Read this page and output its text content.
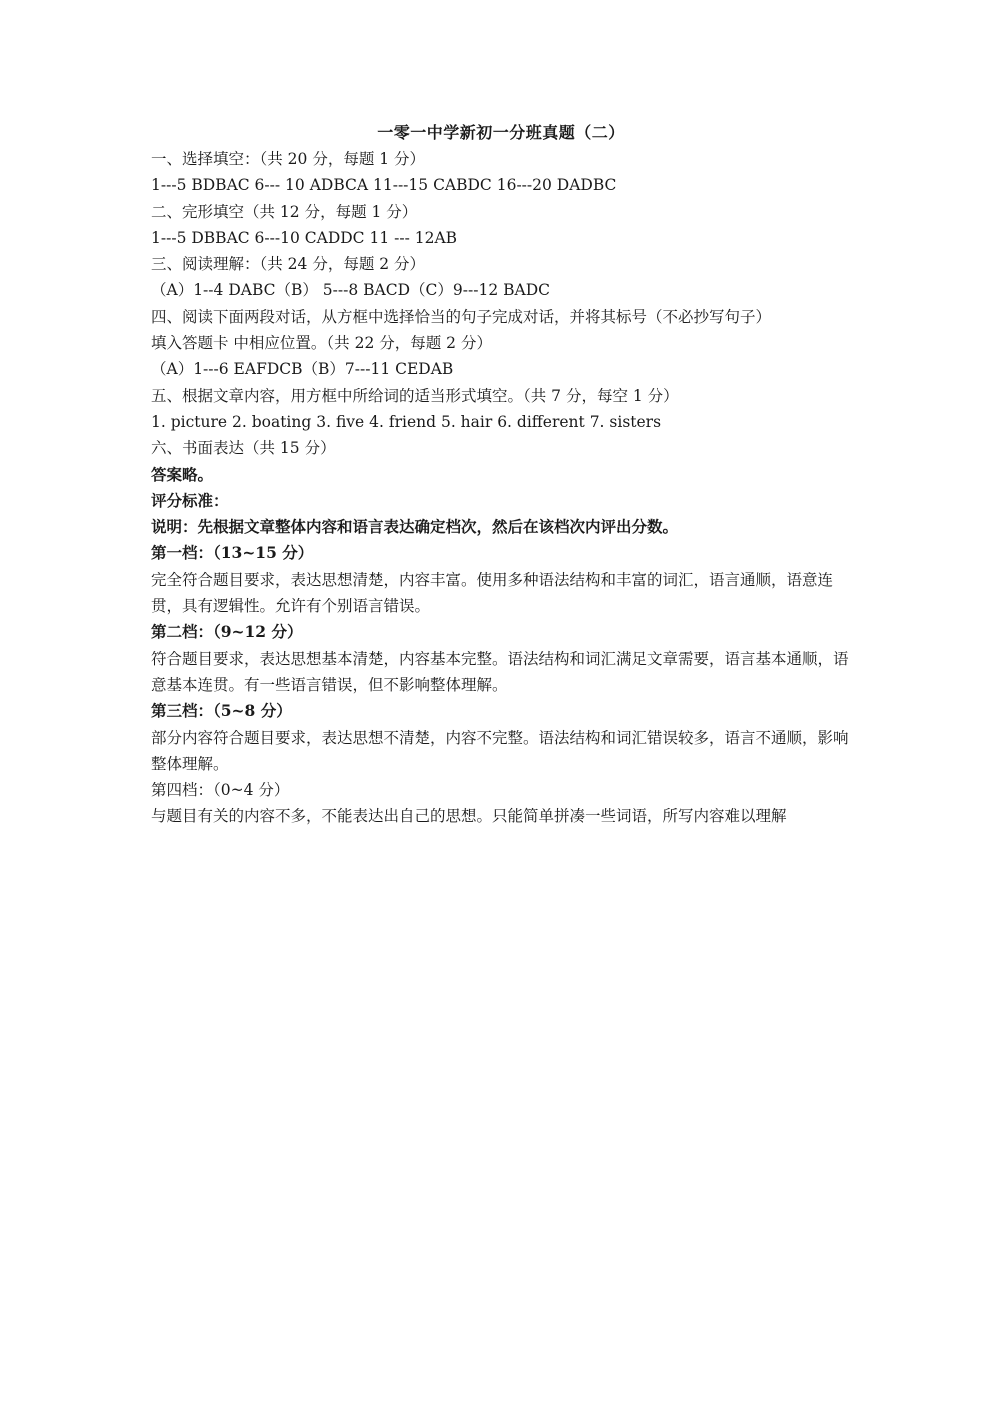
一零一中学新初一分班真题（二）
一、选择填空：（共 20 分，每题 1 分）
1---5 BDBAC 6--- 10 ADBCA 11---15 CABDC 16---20 DADBC
二、完形填空（共 12 分，每题 1 分）
1---5 DBBAC 6---10 CADDC 11 --- 12AB
三、阅读理解：（共 24 分，每题 2 分）
（A）1--4 DABC（B） 5---8 BACD（C）9---12 BADC
四、阅读下面两段对话，从方框中选择恰当的句子完成对话，并将其标号（不必抄写句子）
填入答题卡 中相应位置。（共 22 分，每题 2 分）
（A）1---6 EAFDCB（B）7---11 CEDAB
五、根据文章内容，用方框中所给词的适当形式填空。（共 7 分，每空 1 分）
1. picture 2. boating 3. five 4. friend 5. hair 6. different 7. sisters
六、书面表达（共 15 分）
答案略。
评分标准：
说明：先根据文章整体内容和语言表达确定档次，然后在该档次内评出分数。
第一档：（13~15 分）
完全符合题目要求，表达思想清楚，内容丰富。使用多种语法结构和丰富的词汇，语言通顺，语意连贯，具有逻辑性。允许有个别语言错误。
第二档：（9~12 分）
符合题目要求，表达思想基本清楚，内容基本完整。语法结构和词汇满足文章需要，语言基本通顺，语意基本连贯。有一些语言错误，但不影响整体理解。
第三档：（5~8 分）
部分内容符合题目要求，表达思想不清楚，内容不完整。语法结构和词汇错误较多，语言不通顺，影响整体理解。
第四档：（0~4 分）
与题目有关的内容不多，不能表达出自己的思想。只能简单拼凑一些词语，所写内容难以理解
